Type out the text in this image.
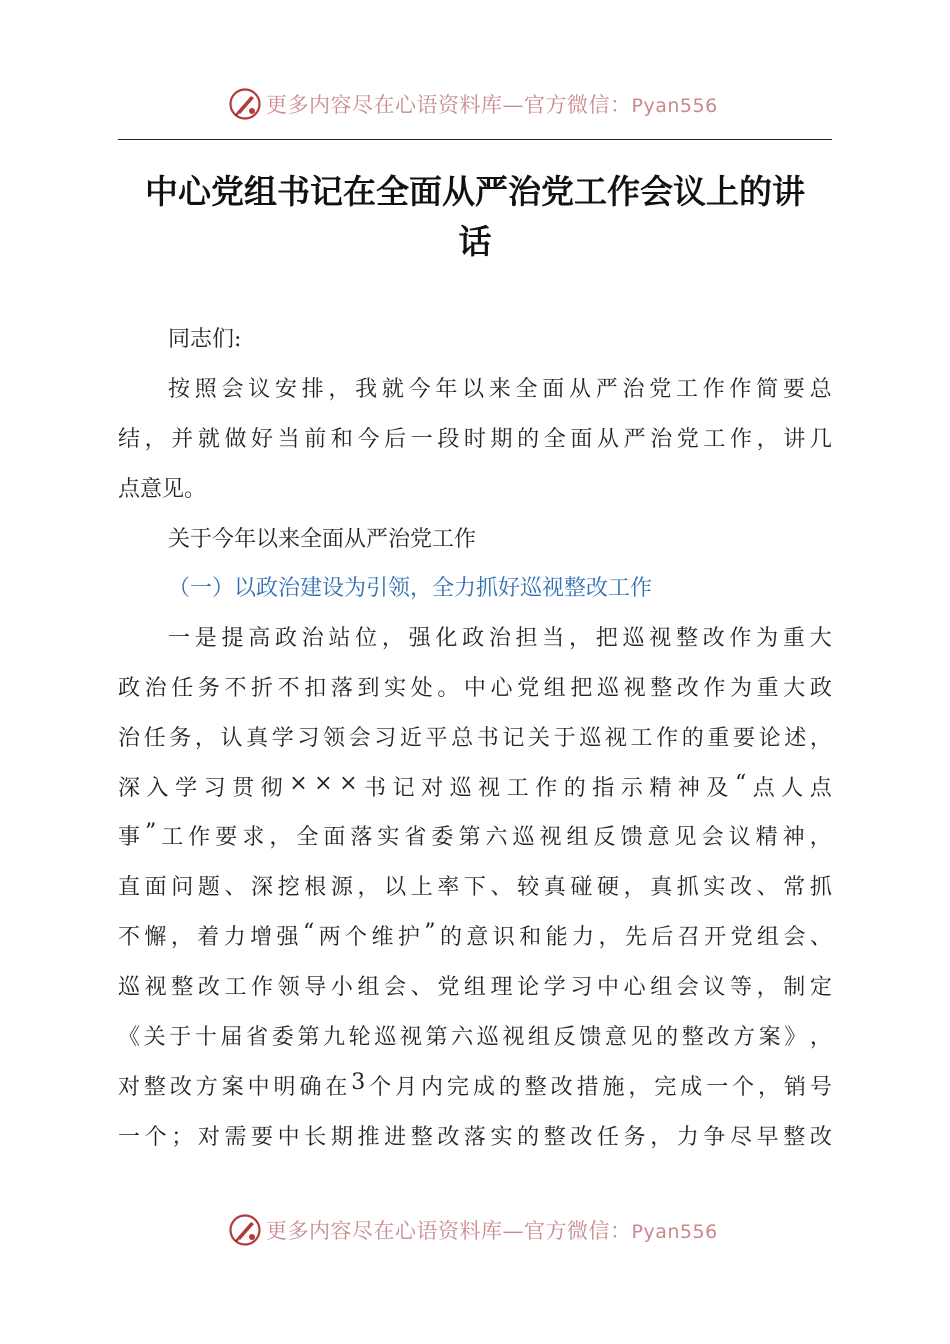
更多内容尽在心语资料库—官方微信：Pyan556
中心党组书记在全面从严治党工作会议上的讲
话
同志们:
按 照 会 议 安 排 ， 我 就 今 年 以 来 全 面 从 严 治 党 工 作 作 简 要 总
结 ， 并 就 做 好 当 前 和 今 后 一 段 时 期 的 全 面 从 严 治 党 工 作 ， 讲 几
点意见。
关于今年以来全面从严治党工作
（一）以政治建设为引领，全力抓好巡视整改工作
一 是 提 高 政 治 站 位 ， 强 化 政 治 担 当 ， 把 巡 视 整 改 作 为 重 大
政 治 任 务 不 折 不 扣 落 到 实 处 。 中 心 党 组 把 巡 视 整 改 作 为 重 大 政
治 任 务 ， 认 真 学 习 领 会 习 近 平 总 书 记 关 于 巡 视 工 作 的 重 要 论 述 ，
深 入 学 习 贯 彻 × × × 书 记 对 巡 视 工 作 的 指 示 精 神 及 “ 点 人 点
事 ” 工 作 要 求 ， 全 面 落 实 省 委 第 六 巡 视 组 反 馈 意 见 会 议 精 神 ，
直 面 问 题 、 深 挖 根 源 ， 以 上 率 下 、 较 真 碰 硬 ， 真 抓 实 改 、 常 抓
不 懈 ， 着 力 增 强 “ 两 个 维 护 ” 的 意 识 和 能 力 ， 先 后 召 开 党 组 会 、
巡 视 整 改 工 作 领 导 小 组 会 、 党 组 理 论 学 习 中 心 组 会 议 等 ， 制 定
《 关 于 十 届 省 委 第 九 轮 巡 视 第 六 巡 视 组 反 馈 意 见 的 整 改 方 案 》 ，
对 整 改 方 案 中 明 确 在 3 个 月 内 完 成 的 整 改 措 施 ， 完 成 一 个 ， 销 号
一 个 ； 对 需 要 中 长 期 推 进 整 改 落 实 的 整 改 任 务 ， 力 争 尽 早 整 改
更多内容尽在心语资料库—官方微信：Pyan556
